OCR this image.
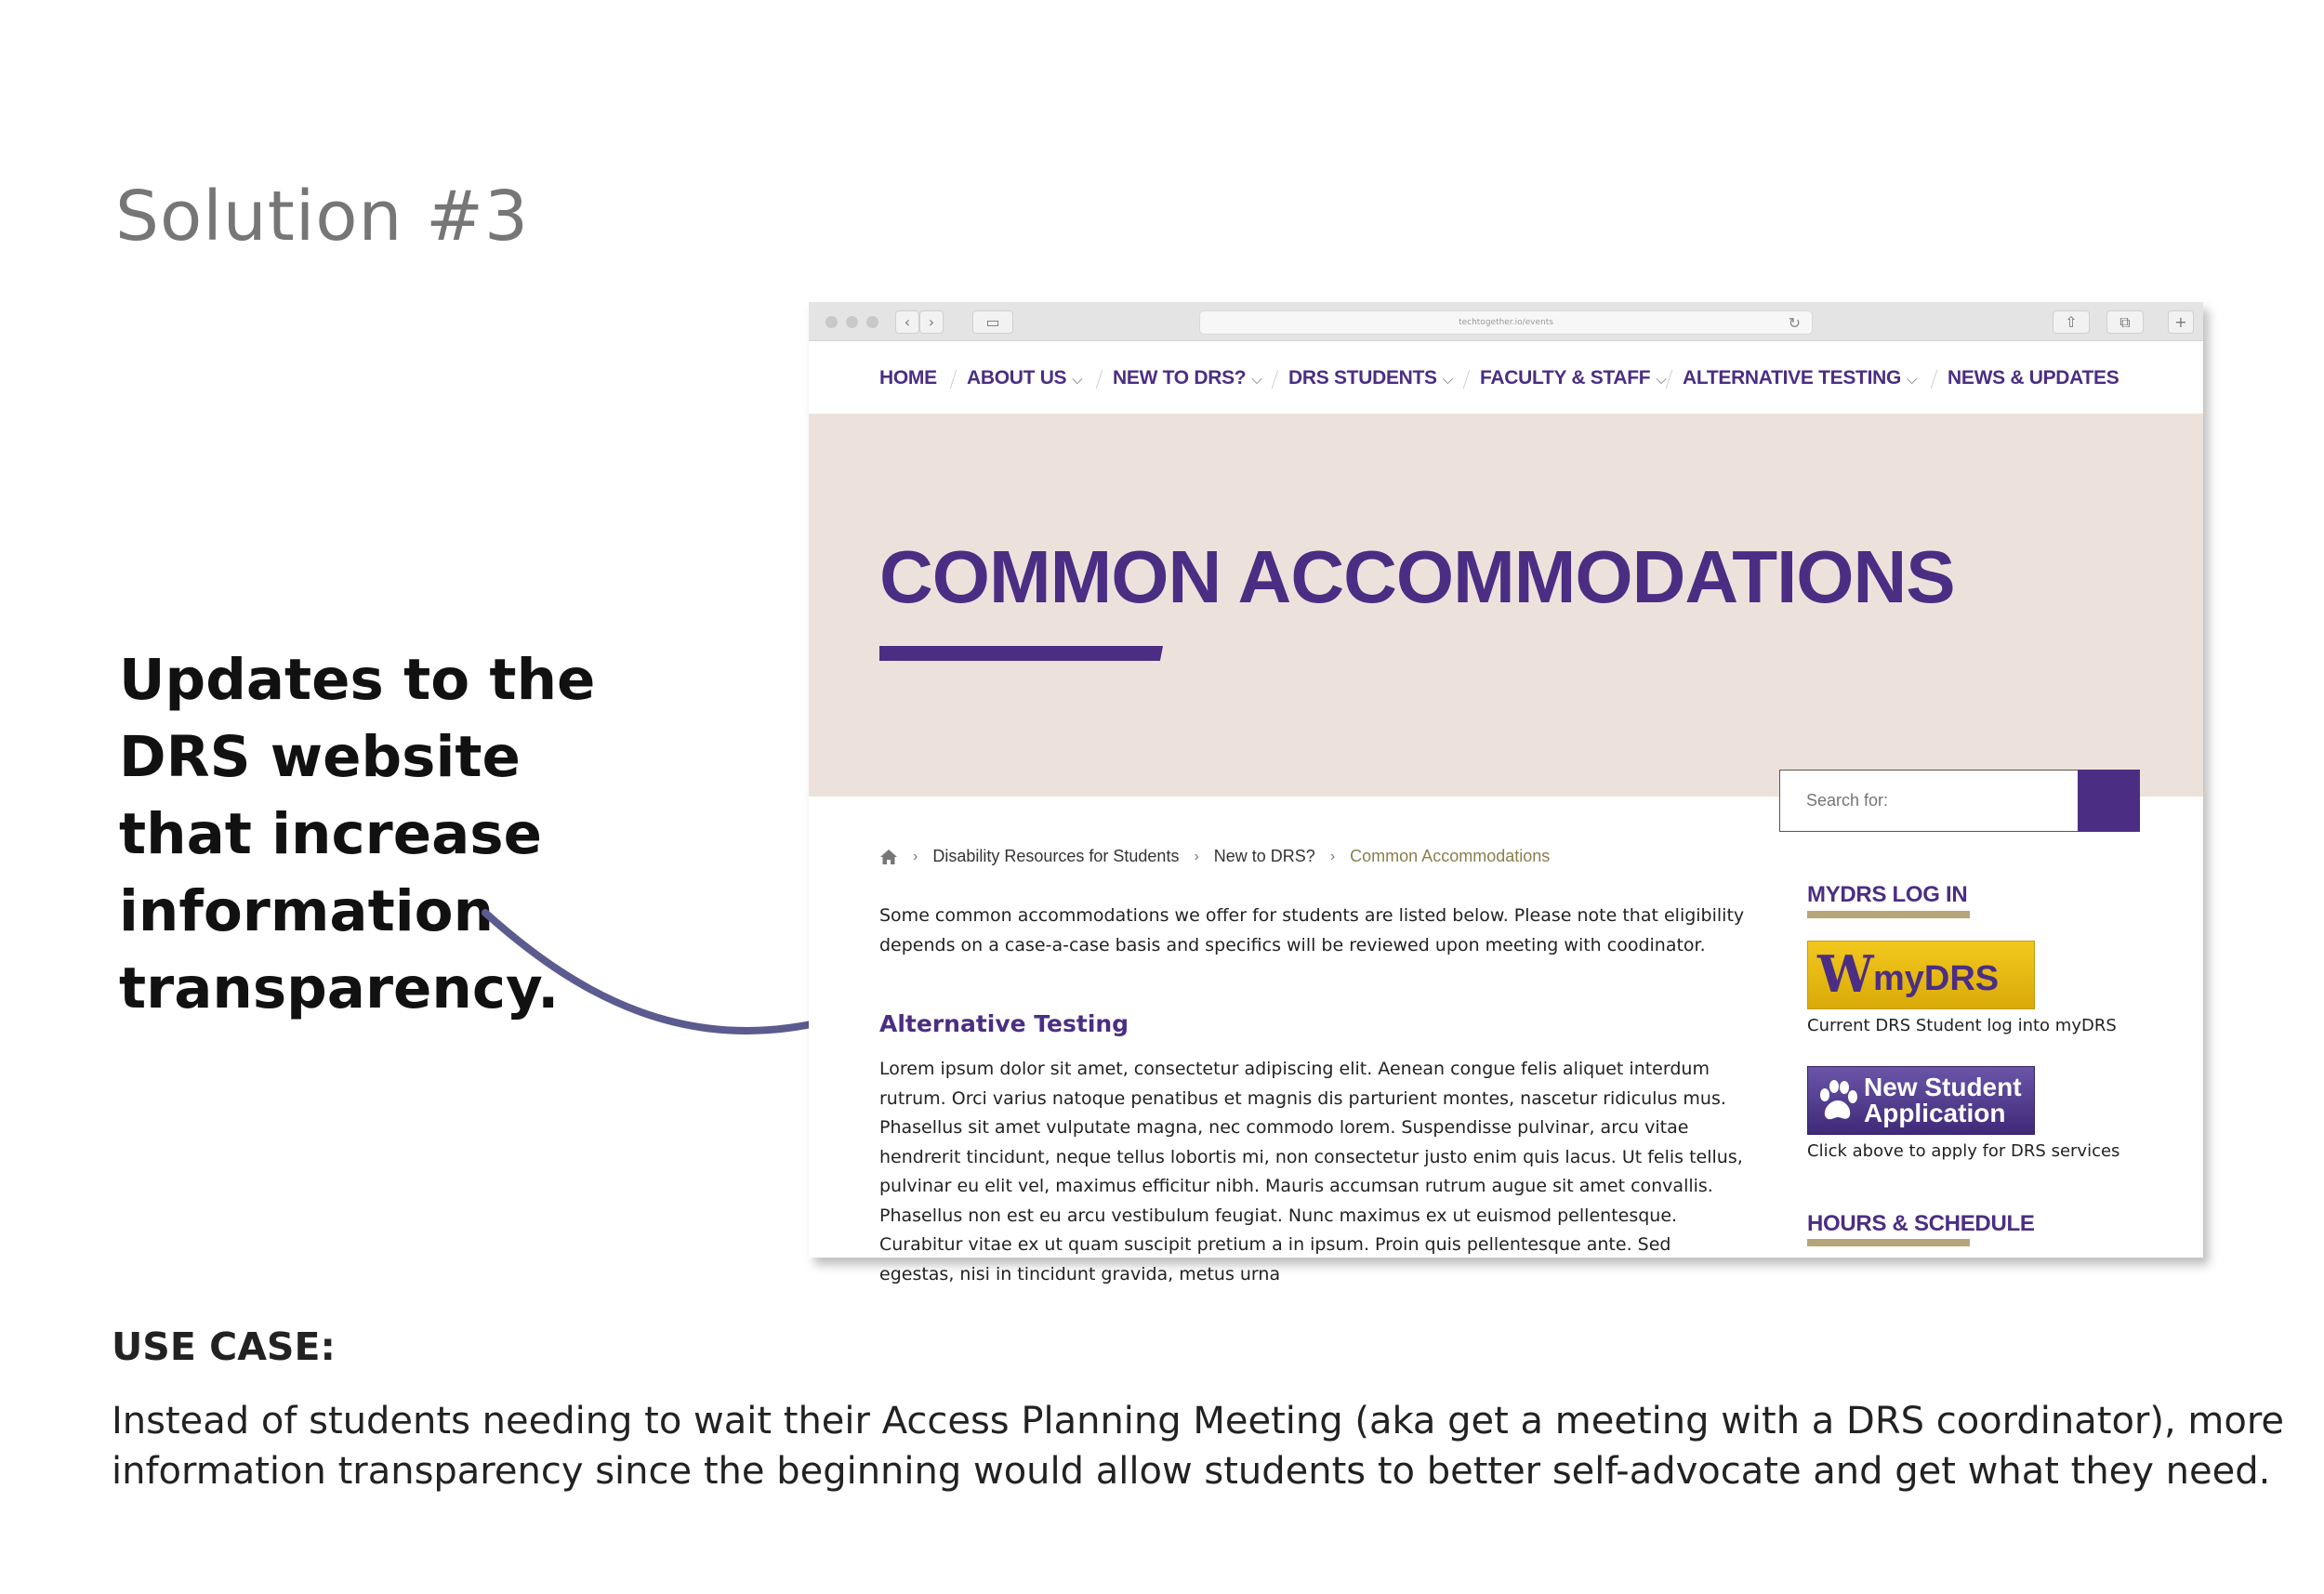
Solution #3
Updates to the DRS website that increase information transparency.
‹	›	▭	techtogether.io/events	↻	⇧	⧉	+
HOME ABOUT US ⌵ NEW TO DRS? ⌵ DRS STUDENTS ⌵ FACULTY & STAFF ⌵ ALTERNATIVE TESTING ⌵ NEWS & UPDATES
COMMON ACCOMMODATIONS
Search for:
› Disability Resources for Students › New to DRS? › Common Accommodations

Some common accommodations we offer for students are listed below. Please note that eligibility depends on a case-a-case basis and specifics will be reviewed upon meeting with coodinator.

Alternative Testing

Lorem ipsum dolor sit amet, consectetur adipiscing elit. Aenean congue felis aliquet interdum rutrum. Orci varius natoque penatibus et magnis dis parturient montes, nascetur ridiculus mus. Phasellus sit amet vulputate magna, nec commodo lorem. Suspendisse pulvinar, arcu vitae hendrerit tincidunt, neque tellus lobortis mi, non consectetur justo enim quis lacus. Ut felis tellus, pulvinar eu elit vel, maximus efficitur nibh. Mauris accumsan rutrum augue sit amet convallis. Phasellus non est eu arcu vestibulum feugiat. Nunc maximus ex ut euismod pellentesque. Curabitur vitae ex ut quam suscipit pretium a in ipsum. Proin quis pellentesque ante. Sed egestas, nisi in tincidunt gravida, metus urna

MYDRS LOG IN
W myDRS
Current DRS Student log into myDRS
New Student
Application
Click above to apply for DRS services
HOURS & SCHEDULE
USE CASE:

Instead of students needing to wait their Access Planning Meeting (aka get a meeting with a DRS coordinator), more information transparency since the beginning would allow students to better self-advocate and get what they need.
